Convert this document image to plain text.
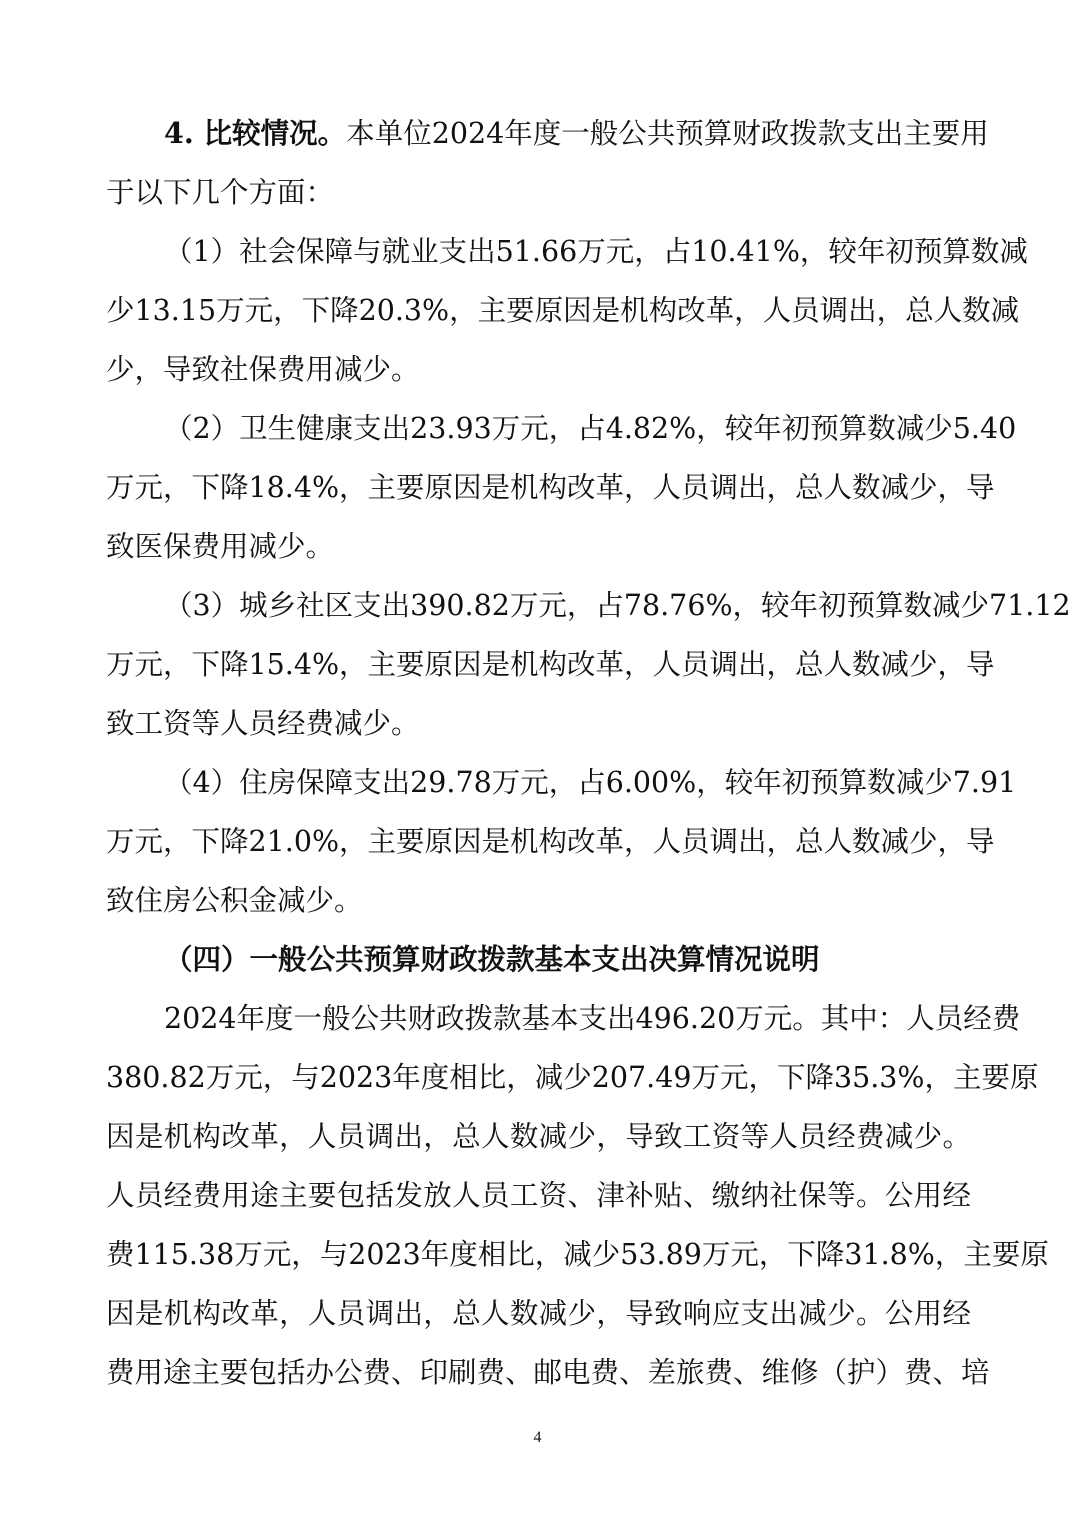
4. 比较情况。本单位2024年度一般公共预算财政拨款支出主要用
于以下几个方面：
（1）社会保障与就业支出51.66万元，占10.41%，较年初预算数减
少13.15万元，下降20.3%，主要原因是机构改革，人员调出，总人数减
少，导致社保费用减少。
（2）卫生健康支出23.93万元，占4.82%，较年初预算数减少5.40
万元，下降18.4%，主要原因是机构改革，人员调出，总人数减少，导
致医保费用减少。
（3）城乡社区支出390.82万元，占78.76%，较年初预算数减少71.12
万元，下降15.4%，主要原因是机构改革，人员调出，总人数减少，导
致工资等人员经费减少。
（4）住房保障支出29.78万元，占6.00%，较年初预算数减少7.91
万元，下降21.0%，主要原因是机构改革，人员调出，总人数减少，导
致住房公积金减少。
（四）一般公共预算财政拨款基本支出决算情况说明
2024年度一般公共财政拨款基本支出496.20万元。其中：人员经费
380.82万元，与2023年度相比，减少207.49万元，下降35.3%，主要原
因是机构改革，人员调出，总人数减少，导致工资等人员经费减少。
人员经费用途主要包括发放人员工资、津补贴、缴纳社保等。公用经
费115.38万元，与2023年度相比，减少53.89万元，下降31.8%，主要原
因是机构改革，人员调出，总人数减少，导致响应支出减少。公用经
费用途主要包括办公费、印刷费、邮电费、差旅费、维修（护）费、培
4
